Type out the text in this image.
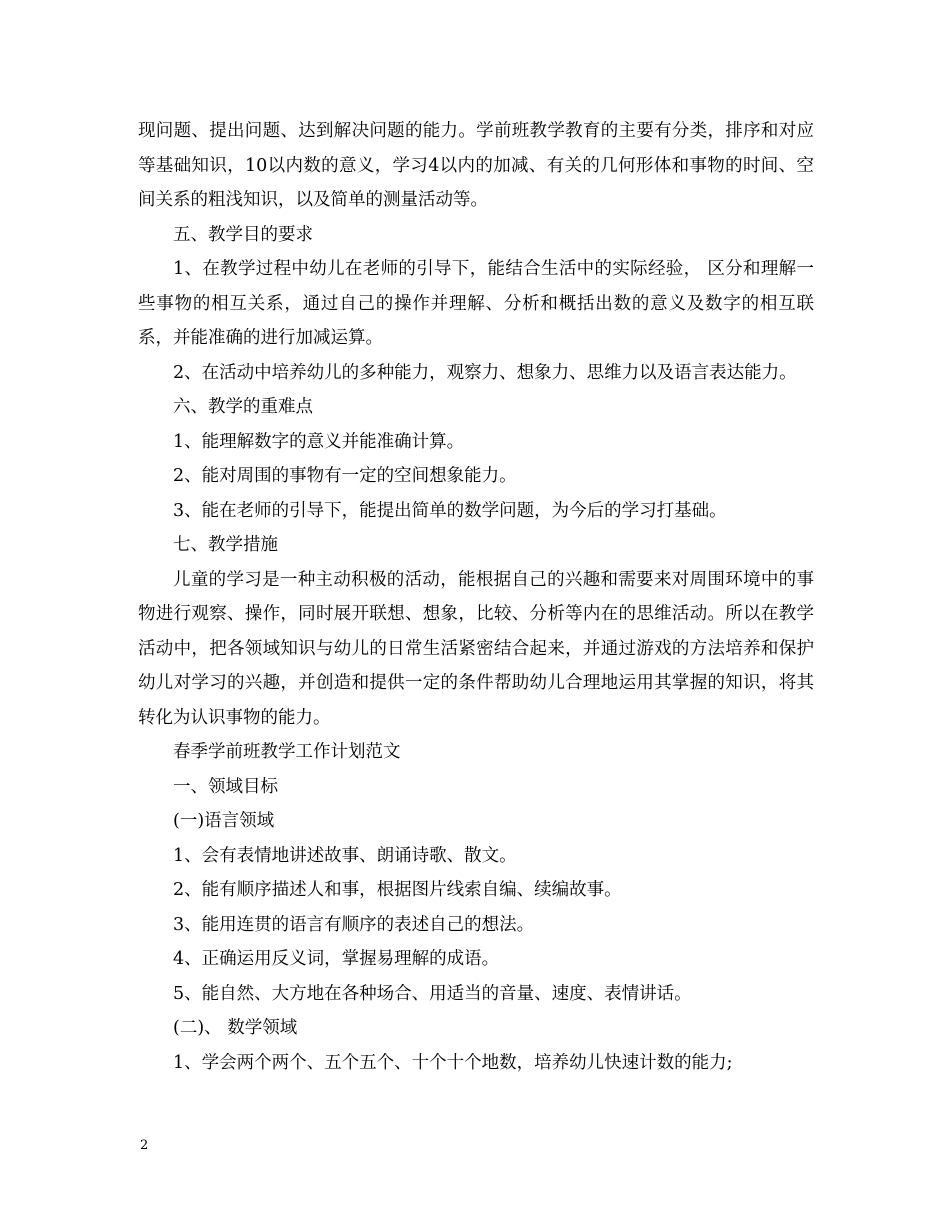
现问题、提出问题、达到解决问题的能力。学前班教学教育的主要有分类，排序和对应等基础知识，10以内数的意义，学习4以内的加减、有关的几何形体和事物的时间、空间关系的粗浅知识，以及简单的测量活动等。

五、教学目的要求

1、在教学过程中幼儿在老师的引导下，能结合生活中的实际经验， 区分和理解一些事物的相互关系，通过自己的操作并理解、分析和概括出数的意义及数字的相互联系，并能准确的进行加减运算。

2、在活动中培养幼儿的多种能力，观察力、想象力、思维力以及语言表达能力。

六、教学的重难点

1、能理解数字的意义并能准确计算。

2、能对周围的事物有一定的空间想象能力。

3、能在老师的引导下，能提出简单的数学问题，为今后的学习打基础。

七、教学措施

儿童的学习是一种主动积极的活动，能根据自己的兴趣和需要来对周围环境中的事物进行观察、操作，同时展开联想、想象，比较、分析等内在的思维活动。所以在教学活动中，把各领域知识与幼儿的日常生活紧密结合起来，并通过游戏的方法培养和保护幼儿对学习的兴趣，并创造和提供一定的条件帮助幼儿合理地运用其掌握的知识，将其转化为认识事物的能力。

春季学前班教学工作计划范文

一、领域目标

(一)语言领域

1、会有表情地讲述故事、朗诵诗歌、散文。

2、能有顺序描述人和事，根据图片线索自编、续编故事。

3、能用连贯的语言有顺序的表述自己的想法。

4、正确运用反义词，掌握易理解的成语。

5、能自然、大方地在各种场合、用适当的音量、速度、表情讲话。

(二)、 数学领域

1、学会两个两个、五个五个、十个十个地数，培养幼儿快速计数的能力;

2
